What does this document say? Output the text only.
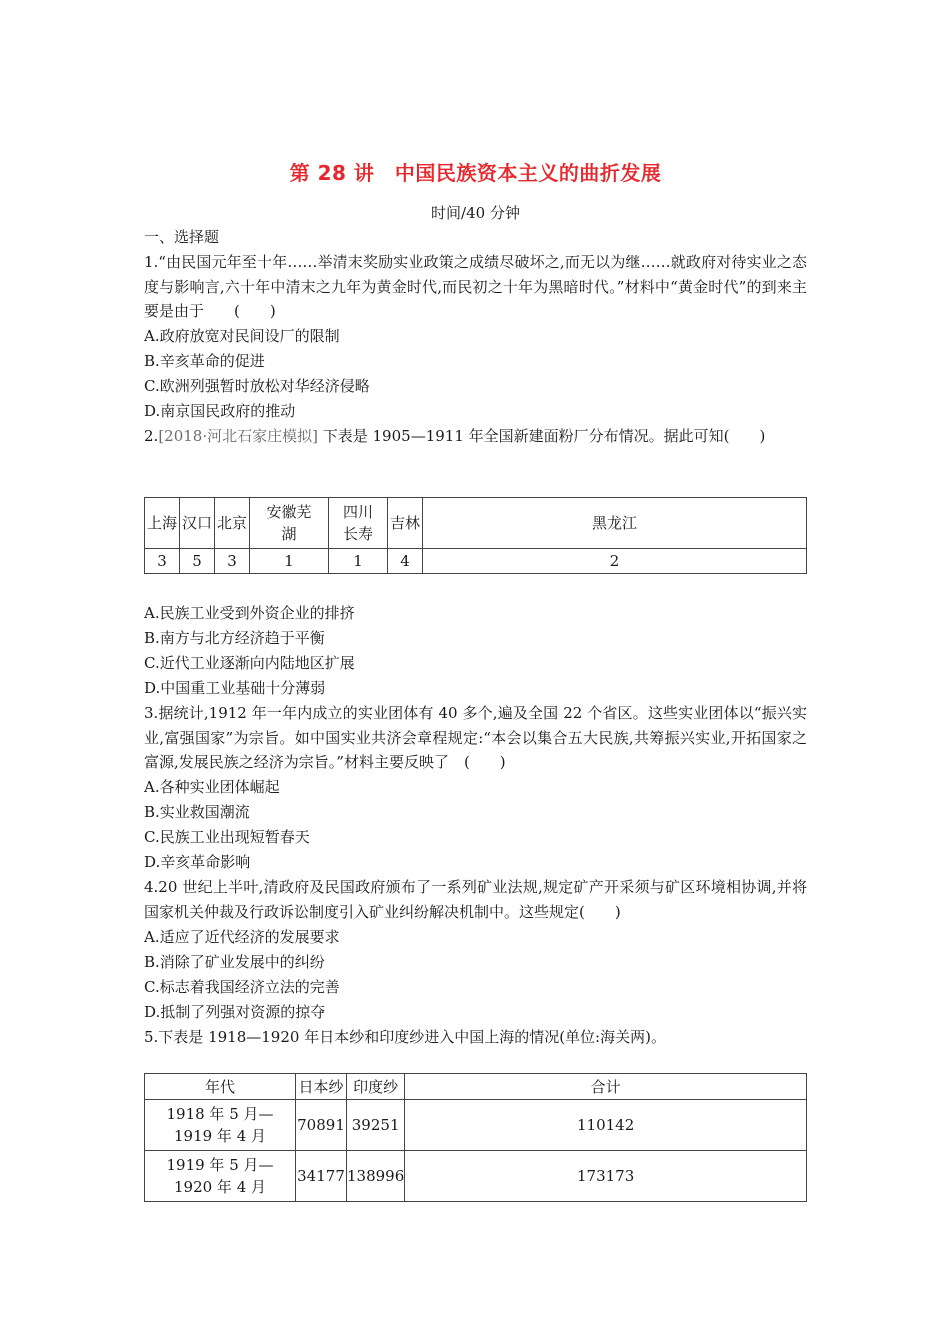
第 28 讲　中国民族资本主义的曲折发展
时间/40 分钟
一、选择题
1.“由民国元年至十年……举清末奖励实业政策之成绩尽破坏之,而无以为继……就政府对待实业之态度与影响言,六十年中清末之九年为黄金时代,而民初之十年为黑暗时代。”材料中“黄金时代”的到来主要是由于　　(　　)
A.政府放宽对民间设厂的限制
B.辛亥革命的促进
C.欧洲列强暂时放松对华经济侵略
D.南京国民政府的推动
2.[2018·河北石家庄模拟] 下表是 1905—1911 年全国新建面粉厂分布情况。据此可知(　　)
上海	汉口	北京	安徽芜湖	四川长寿	吉林	黑龙江
3	5	3	1	1	4	2
A.民族工业受到外资企业的排挤
B.南方与北方经济趋于平衡
C.近代工业逐渐向内陆地区扩展
D.中国重工业基础十分薄弱
3.据统计,1912 年一年内成立的实业团体有 40 多个,遍及全国 22 个省区。这些实业团体以“振兴实业,富强国家”为宗旨。如中国实业共济会章程规定:“本会以集合五大民族,共筹振兴实业,开拓国家之富源,发展民族之经济为宗旨。”材料主要反映了　(　　)
A.各种实业团体崛起
B.实业救国潮流
C.民族工业出现短暂春天
D.辛亥革命影响
4.20 世纪上半叶,清政府及民国政府颁布了一系列矿业法规,规定矿产开采须与矿区环境相协调,并将国家机关仲裁及行政诉讼制度引入矿业纠纷解决机制中。这些规定(　　)
A.适应了近代经济的发展要求
B.消除了矿业发展中的纠纷
C.标志着我国经济立法的完善
D.抵制了列强对资源的掠夺
5.下表是 1918—1920 年日本纱和印度纱进入中国上海的情况(单位:海关两)。
年代	日本纱	印度纱	合计
1918 年 5 月—1919 年 4 月	70891	39251	110142
1919 年 5 月—1920 年 4 月	34177	138996	173173
